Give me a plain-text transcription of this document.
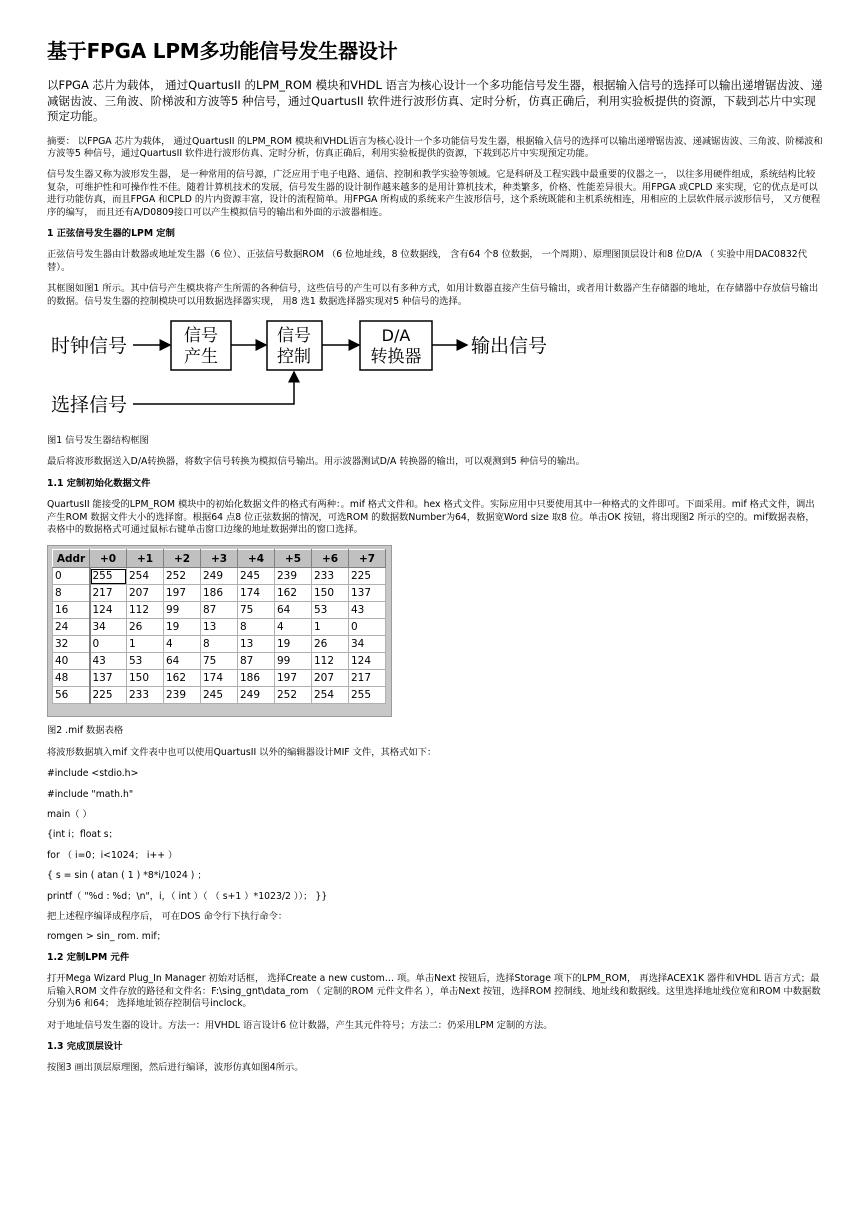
基于FPGA LPM多功能信号发生器设计
以FPGA 芯片为载体， 通过QuartusII 的LPM_ROM 模块和VHDL 语言为核心设计一个多功能信号发生器，根据输入信号的选择可以输出递增锯齿波、递减锯齿波、三角波、阶梯波和方波等5 种信号，通过QuartusII 软件进行波形仿真、定时分析，仿真正确后，利用实验板提供的资源，下载到芯片中实现预定功能。

摘要： 以FPGA 芯片为载体， 通过QuartusII 的LPM_ROM 模块和VHDL语言为核心设计一个多功能信号发生器，根据输入信号的选择可以输出递增锯齿波、递减锯齿波、三角波、阶梯波和方波等5 种信号，通过QuartusII 软件进行波形仿真、定时分析，仿真正确后，利用实验板提供的资源，下载到芯片中实现预定功能。

信号发生器又称为波形发生器， 是一种常用的信号源，广泛应用于电子电路、通信、控制和教学实验等领域。它是科研及工程实践中最重要的仪器之一， 以往多用硬件组成，系统结构比较复杂，可维护性和可操作性不佳。随着计算机技术的发展，信号发生器的设计制作越来越多的是用计算机技术，种类繁多，价格、性能差异很大。用FPGA 或CPLD 来实现，它的优点是可以进行功能仿真，而且FPGA 和CPLD 的片内资源丰富，设计的流程简单。用FPGA 所构成的系统来产生波形信号，这个系统既能和主机系统相连，用相应的上层软件展示波形信号， 又方便程序的编写， 而且还有A/D0809接口可以产生模拟信号的输出和外面的示波器相连。

1 正弦信号发生器的LPM 定制

正弦信号发生器由计数器或地址发生器（6 位）、正弦信号数据ROM （6 位地址线，8 位数据线， 含有64 个8 位数据， 一个周期）、原理图顶层设计和8 位D/A （ 实验中用DAC0832代替）。

其框图如图1 所示。其中信号产生模块将产生所需的各种信号，这些信号的产生可以有多种方式，如用计数器直接产生信号输出，或者用计数器产生存储器的地址，在存储器中存放信号输出的数据。信号发生器的控制模块可以用数据选择器实现， 用8 选1 数据选择器实现对5 种信号的选择。

时钟信号	信号
产生
信号
控制
D/A
转换器	输出信号
选择信号

图1 信号发生器结构框图

最后将波形数据送入D/A转换器，将数字信号转换为模拟信号输出。用示波器测试D/A 转换器的输出，可以观测到5 种信号的输出。

1.1 定制初始化数据文件

QuartusII 能接受的LPM_ROM 模块中的初始化数据文件的格式有两种：。mif 格式文件和。hex 格式文件。实际应用中只要使用其中一种格式的文件即可。下面采用。mif 格式文件，调出产生ROM 数据文件大小的选择窗。根据64 点8 位正弦数据的情况，可选ROM 的数据数Number为64，数据宽Word size 取8 位。单击OK 按钮，将出现图2 所示的空的。mif数据表格，表格中的数据格式可通过鼠标右键单击窗口边缘的地址数据弹出的窗口选择。

Addr	+0	+1	+2	+3	+4	+5	+6	+7
0	255	254	252	249	245	239	233	225
8	217	207	197	186	174	162	150	137
16	124	112	99	87	75	64	53	43
24	34	26	19	13	8	4	1	0
32	0	1	4	8	13	19	26	34
40	43	53	64	75	87	99	112	124
48	137	150	162	174	186	197	207	217
56	225	233	239	245	249	252	254	255

图2 .mif 数据表格

将波形数据填入mif 文件表中也可以使用QuartusII 以外的编辑器设计MIF 文件，其格式如下：

#include <stdio.h>
#include "math.h"
main（ ）
{int i；float s；
for （ i=0；i<1024； i++ ）
{ s = sin ( atan ( 1 ) *8*i/1024 ) ；
printf（ "%d : %d；\n"，i，（ int ）（ （ s+1 ）*1023/2 ））； }}
把上述程序编译成程序后， 可在DOS 命令行下执行命令：
romgen > sin_ rom. mif；

1.2 定制LPM 元件

打开Mega Wizard Plug_In Manager 初始对话框， 选择Create a new custom… 项。单击Next 按钮后，选择Storage 项下的LPM_ROM， 再选择ACEX1K 器件和VHDL 语言方式；最后输入ROM 文件存放的路径和文件名：F:\sing_gnt\data_rom （ 定制的ROM 元件文件名 ），单击Next 按钮，选择ROM 控制线、地址线和数据线。这里选择地址线位宽和ROM 中数据数分别为6 和64； 选择地址锁存控制信号inclock。

对于地址信号发生器的设计。方法一：用VHDL 语言设计6 位计数器，产生其元件符号；方法二：仍采用LPM 定制的方法。

1.3 完成顶层设计

按图3 画出顶层原理图，然后进行编译，波形仿真如图4所示。
